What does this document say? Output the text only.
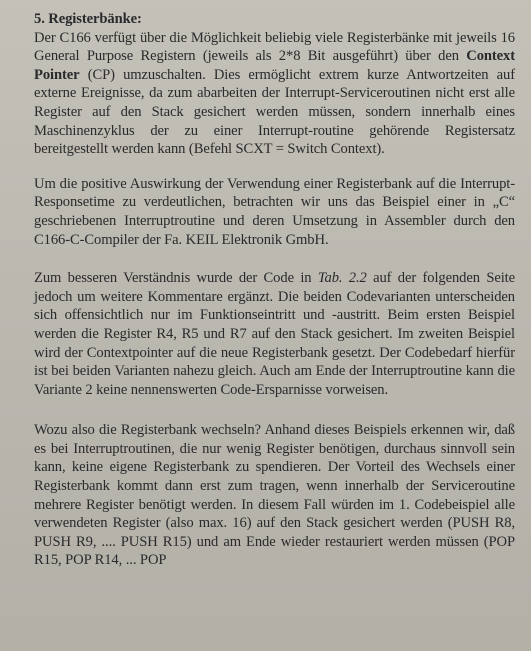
5. Registerbänke:

Der C166 verfügt über die Möglichkeit beliebig viele Registerbänke mit jeweils 16 General Purpose Registern (jeweils als 2*8 Bit ausgeführt) über den Context Pointer (CP) umzuschalten. Dies ermöglicht extrem kurze Antwortzeiten auf externe Ereignisse, da zum abarbeiten der Interrupt-Serviceroutinen nicht erst alle Register auf den Stack gesichert werden müssen, sondern innerhalb eines Maschinenzyklus der zu einer Interrupt-routine gehörende Registersatz bereitgestellt werden kann (Befehl SCXT = Switch Context).

Um die positive Auswirkung der Verwendung einer Registerbank auf die Interrupt-Responsetime zu verdeutlichen, betrachten wir uns das Beispiel einer in „C“ geschriebenen Interruptroutine und deren Umsetzung in Assembler durch den C166-C-Compiler der Fa. KEIL Elektronik GmbH.

Zum besseren Verständnis wurde der Code in Tab. 2.2 auf der folgenden Seite jedoch um weitere Kommentare ergänzt. Die beiden Codevarianten unterscheiden sich offensichtlich nur im Funktionseintritt und -austritt. Beim ersten Beispiel werden die Register R4, R5 und R7 auf den Stack gesichert. Im zweiten Beispiel wird der Contextpointer auf die neue Registerbank gesetzt. Der Codebedarf hierfür ist bei beiden Varianten nahezu gleich. Auch am Ende der Interruptroutine kann die Variante 2 keine nennenswerten Code-Ersparnisse vorweisen.

Wozu also die Registerbank wechseln? Anhand dieses Beispiels erkennen wir, daß es bei Interruptroutinen, die nur wenig Register benötigen, durchaus sinnvoll sein kann, keine eigene Registerbank zu spendieren. Der Vorteil des Wechsels einer Registerbank kommt dann erst zum tragen, wenn innerhalb der Serviceroutine mehrere Register benötigt werden. In diesem Fall würden im 1. Codebeispiel alle verwendeten Register (also max. 16) auf den Stack gesichert werden (PUSH R8, PUSH R9, .... PUSH R15) und am Ende wieder restauriert werden müssen (POP R15, POP R14, ... POP
